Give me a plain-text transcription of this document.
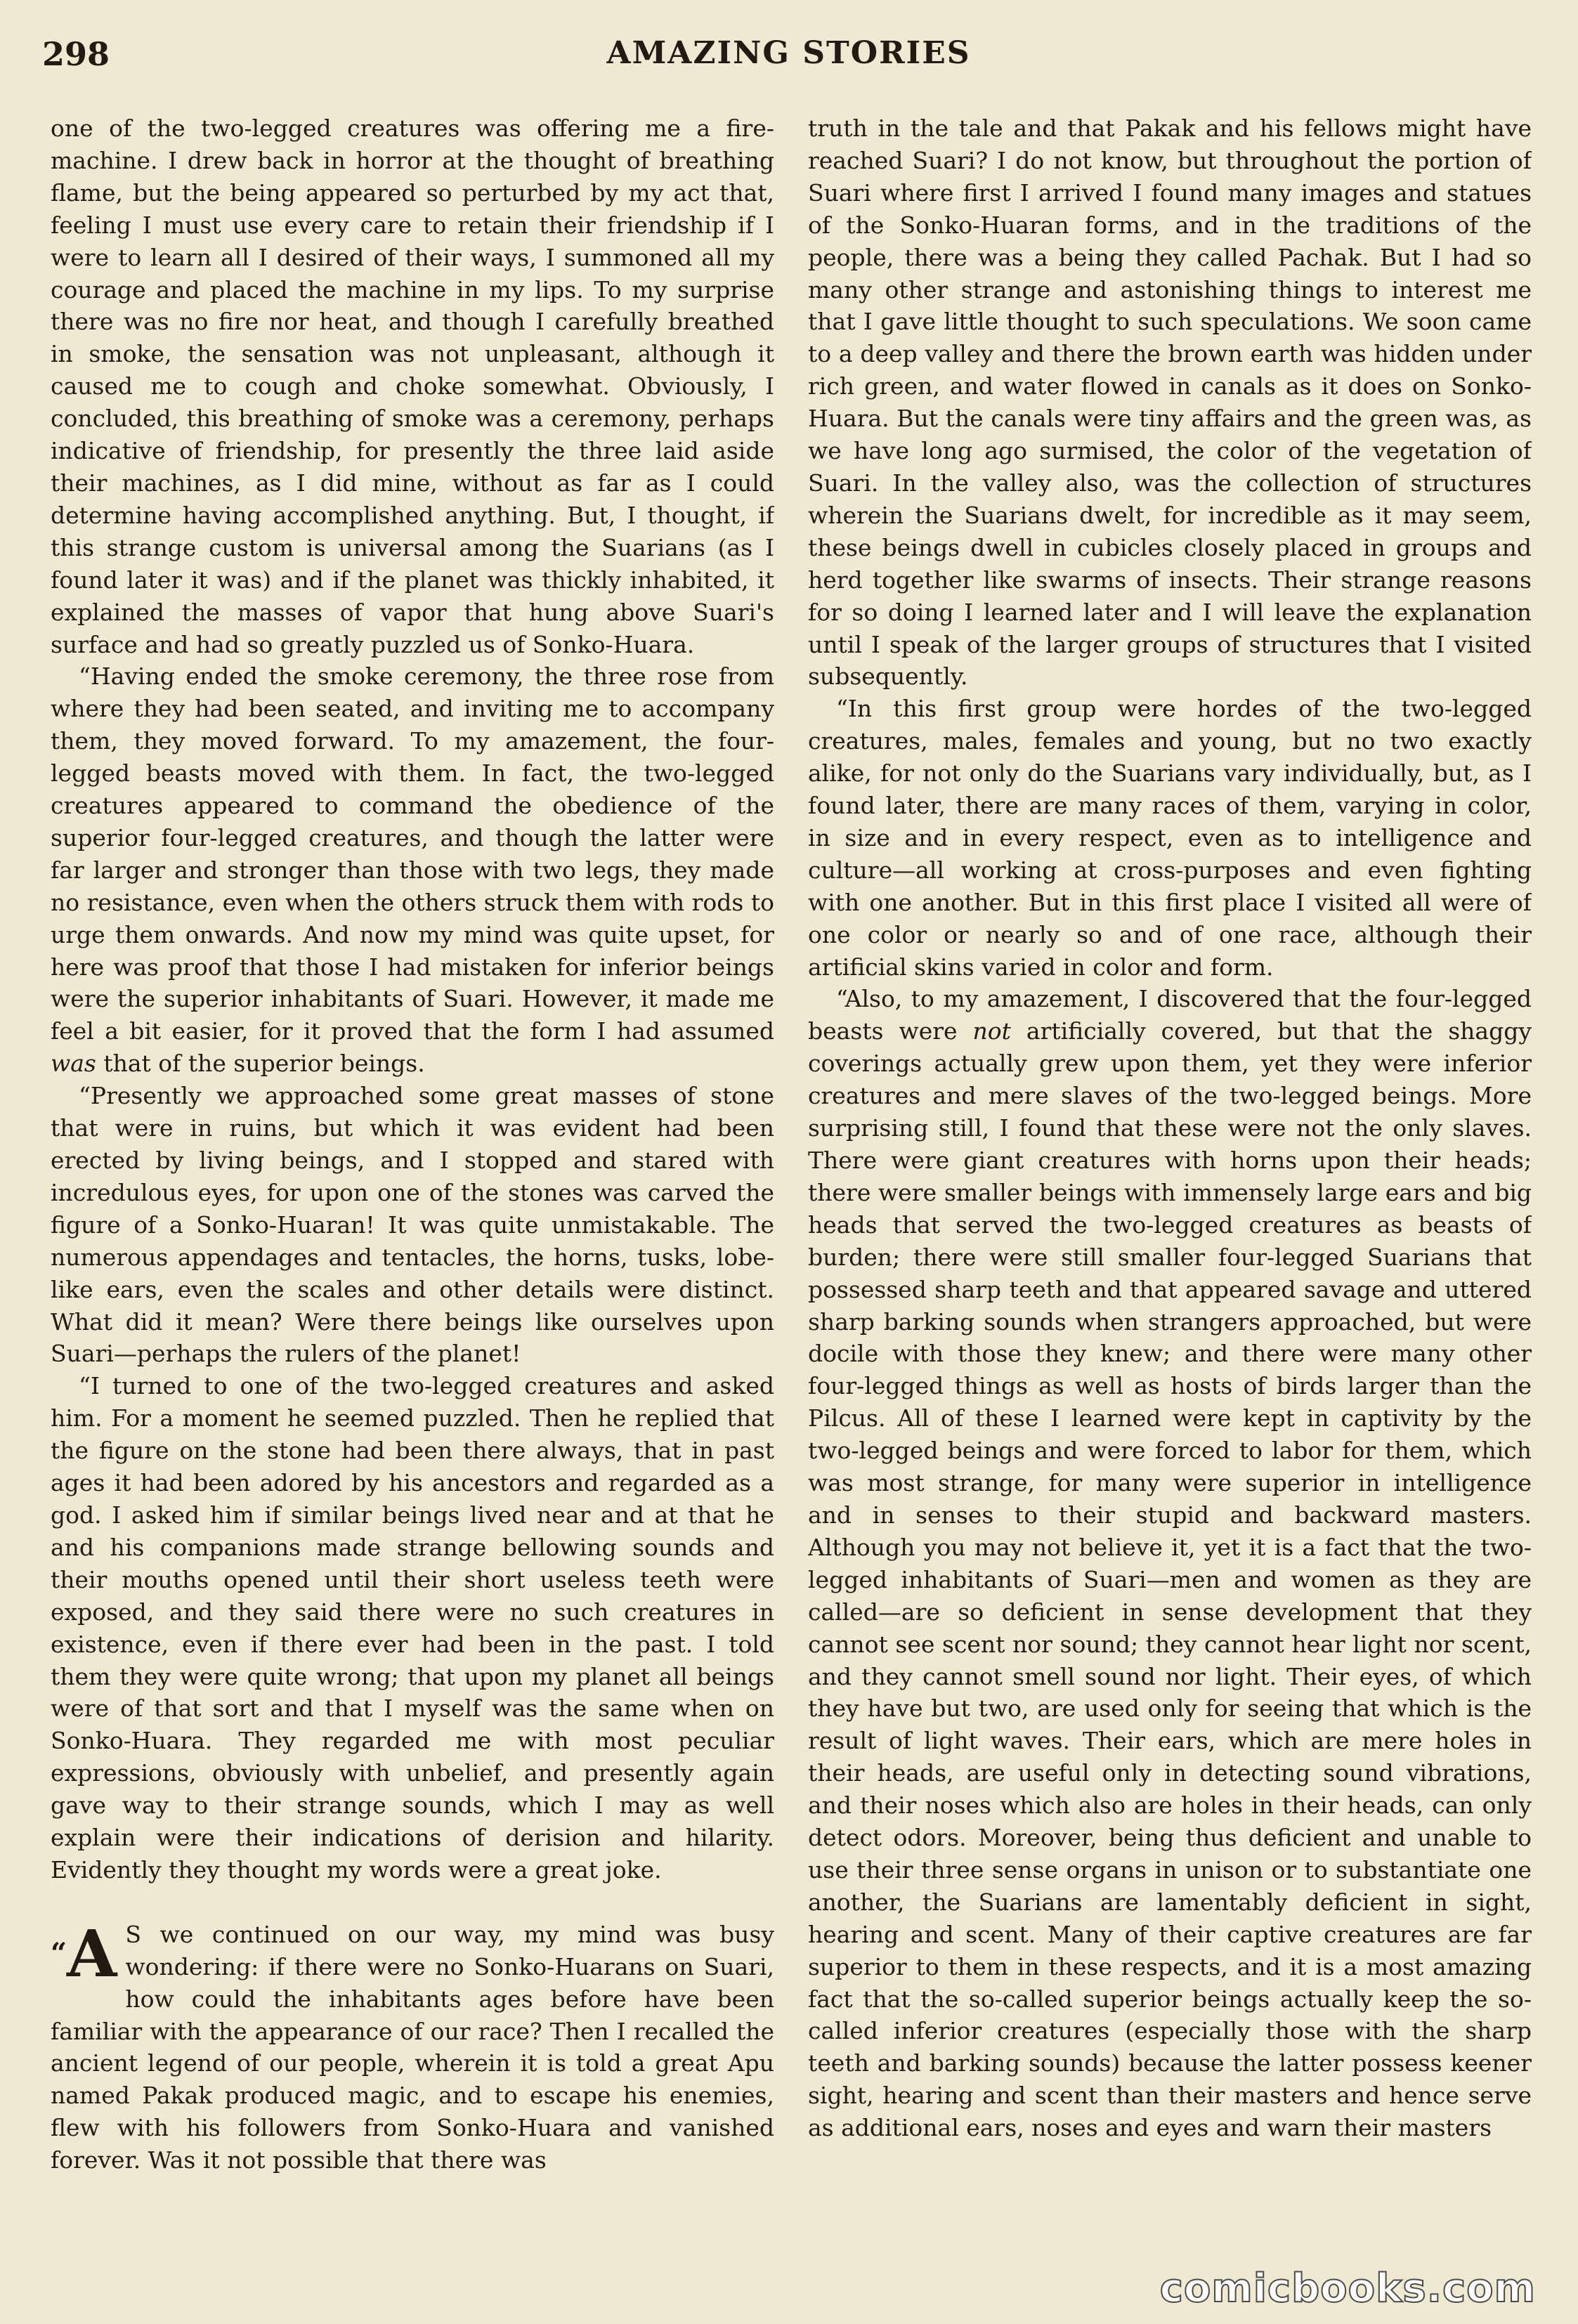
298	AMAZING STORIES

one of the two-legged creatures was offering me a fire-machine. I drew back in horror at the thought of breathing flame, but the being appeared so perturbed by my act that, feeling I must use every care to retain their friendship if I were to learn all I desired of their ways, I summoned all my courage and placed the machine in my lips. To my surprise there was no fire nor heat, and though I carefully breathed in smoke, the sensation was not unpleasant, although it caused me to cough and choke somewhat. Obviously, I concluded, this breathing of smoke was a ceremony, perhaps indicative of friendship, for presently the three laid aside their machines, as I did mine, without as far as I could determine having accomplished anything. But, I thought, if this strange custom is universal among the Suarians (as I found later it was) and if the planet was thickly inhabited, it explained the masses of vapor that hung above Suari's surface and had so greatly puzzled us of Sonko-Huara.

“Having ended the smoke ceremony, the three rose from where they had been seated, and inviting me to accompany them, they moved forward. To my amazement, the four-legged beasts moved with them. In fact, the two-legged creatures appeared to command the obedience of the superior four-legged creatures, and though the latter were far larger and stronger than those with two legs, they made no resistance, even when the others struck them with rods to urge them onwards. And now my mind was quite upset, for here was proof that those I had mistaken for inferior beings were the superior inhabitants of Suari. However, it made me feel a bit easier, for it proved that the form I had assumed was that of the superior beings.

“Presently we approached some great masses of stone that were in ruins, but which it was evident had been erected by living beings, and I stopped and stared with incredulous eyes, for upon one of the stones was carved the figure of a Sonko-Huaran! It was quite unmistakable. The numerous appendages and tentacles, the horns, tusks, lobe-like ears, even the scales and other details were distinct. What did it mean? Were there beings like ourselves upon Suari—perhaps the rulers of the planet!

“I turned to one of the two-legged creatures and asked him. For a moment he seemed puzzled. Then he replied that the figure on the stone had been there always, that in past ages it had been adored by his ancestors and regarded as a god. I asked him if similar beings lived near and at that he and his companions made strange bellowing sounds and their mouths opened until their short useless teeth were exposed, and they said there were no such creatures in existence, even if there ever had been in the past. I told them they were quite wrong; that upon my planet all beings were of that sort and that I myself was the same when on Sonko-Huara. They regarded me with most peculiar expressions, obviously with unbelief, and presently again gave way to their strange sounds, which I may as well explain were their indications of derision and hilarity. Evidently they thought my words were a great joke.

“A S we continued on our way, my mind was busy wondering: if there were no Sonko-Huarans on Suari, how could the inhabitants ages before have been familiar with the appearance of our race? Then I recalled the ancient legend of our people, wherein it is told a great Apu named Pakak produced magic, and to escape his enemies, flew with his followers from Sonko-Huara and vanished forever. Was it not possible that there was

truth in the tale and that Pakak and his fellows might have reached Suari? I do not know, but throughout the portion of Suari where first I arrived I found many images and statues of the Sonko-Huaran forms, and in the traditions of the people, there was a being they called Pachak. But I had so many other strange and astonishing things to interest me that I gave little thought to such speculations. We soon came to a deep valley and there the brown earth was hidden under rich green, and water flowed in canals as it does on Sonko-Huara. But the canals were tiny affairs and the green was, as we have long ago surmised, the color of the vegetation of Suari. In the valley also, was the collection of structures wherein the Suarians dwelt, for incredible as it may seem, these beings dwell in cubicles closely placed in groups and herd together like swarms of insects. Their strange reasons for so doing I learned later and I will leave the explanation until I speak of the larger groups of structures that I visited subsequently.

“In this first group were hordes of the two-legged creatures, males, females and young, but no two exactly alike, for not only do the Suarians vary individually, but, as I found later, there are many races of them, varying in color, in size and in every respect, even as to intelligence and culture—all working at cross-purposes and even fighting with one another. But in this first place I visited all were of one color or nearly so and of one race, although their artificial skins varied in color and form.

“Also, to my amazement, I discovered that the four-legged beasts were not artificially covered, but that the shaggy coverings actually grew upon them, yet they were inferior creatures and mere slaves of the two-legged beings. More surprising still, I found that these were not the only slaves. There were giant creatures with horns upon their heads; there were smaller beings with immensely large ears and big heads that served the two-legged creatures as beasts of burden; there were still smaller four-legged Suarians that possessed sharp teeth and that appeared savage and uttered sharp barking sounds when strangers approached, but were docile with those they knew; and there were many other four-legged things as well as hosts of birds larger than the Pilcus. All of these I learned were kept in captivity by the two-legged beings and were forced to labor for them, which was most strange, for many were superior in intelligence and in senses to their stupid and backward masters. Although you may not believe it, yet it is a fact that the two-legged inhabitants of Suari—men and women as they are called—are so deficient in sense development that they cannot see scent nor sound; they cannot hear light nor scent, and they cannot smell sound nor light. Their eyes, of which they have but two, are used only for seeing that which is the result of light waves. Their ears, which are mere holes in their heads, are useful only in detecting sound vibrations, and their noses which also are holes in their heads, can only detect odors. Moreover, being thus deficient and unable to use their three sense organs in unison or to substantiate one another, the Suarians are lamentably deficient in sight, hearing and scent. Many of their captive creatures are far superior to them in these respects, and it is a most amazing fact that the so-called superior beings actually keep the so-called inferior creatures (especially those with the sharp teeth and barking sounds) because the latter possess keener sight, hearing and scent than their masters and hence serve as additional ears, noses and eyes and warn their masters

comicbooks.com
